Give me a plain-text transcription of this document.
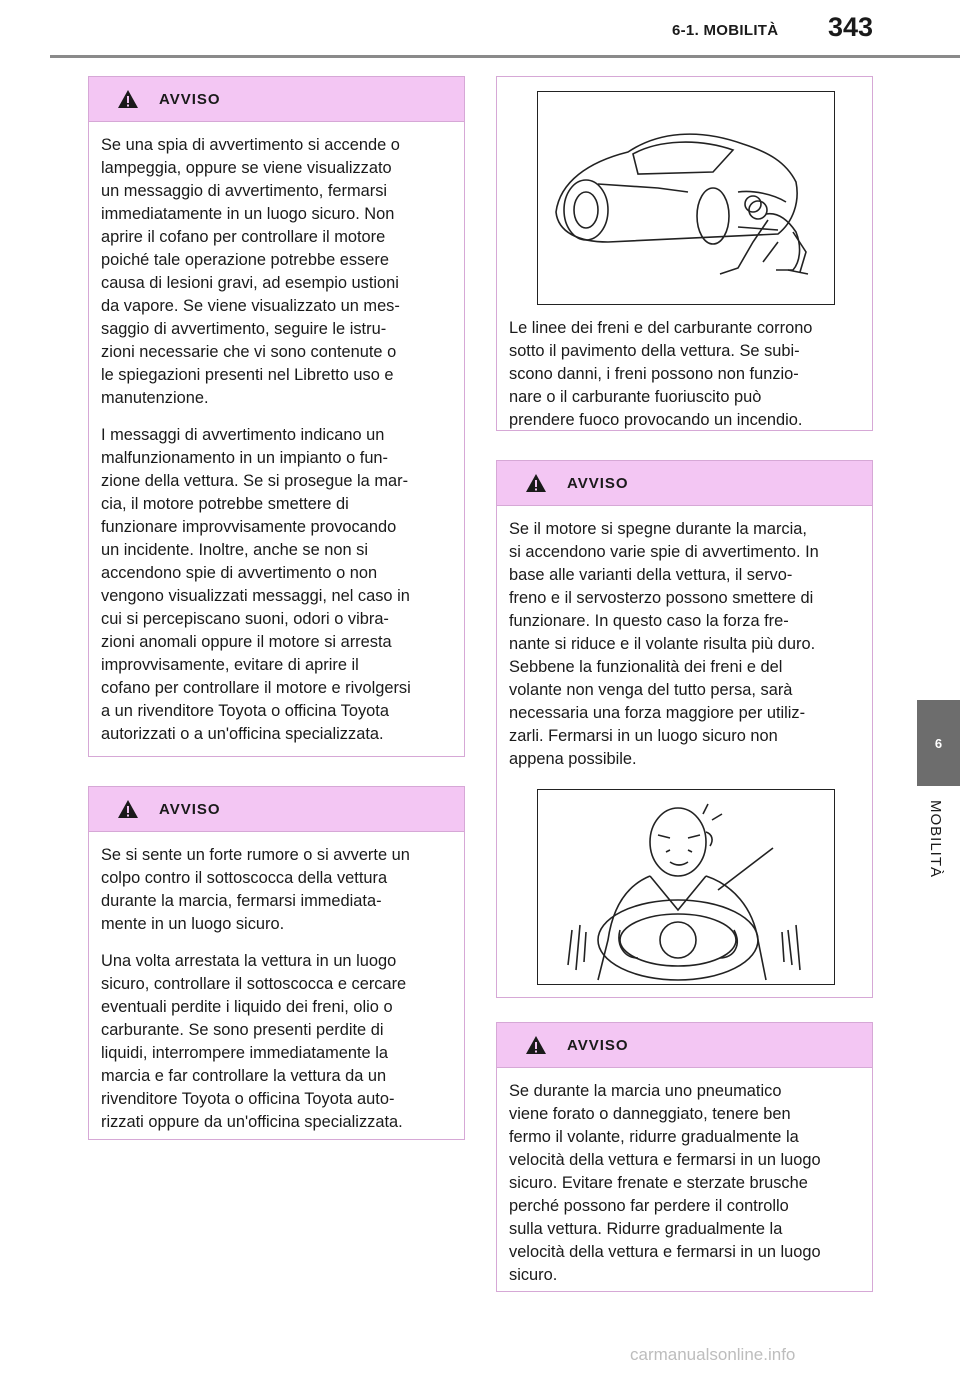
6-1. MOBILITÀ 343
6
MOBILITÀ
AVVISO

Se una spia di avvertimento si accende o
lampeggia, oppure se viene visualizzato
un messaggio di avvertimento, fermarsi
immediatamente in un luogo sicuro. Non
aprire il cofano per controllare il motore
poiché tale operazione potrebbe essere
causa di lesioni gravi, ad esempio ustioni
da vapore. Se viene visualizzato un mes-
saggio di avvertimento, seguire le istru-
zioni necessarie che vi sono contenute o
le spiegazioni presenti nel Libretto uso e
manutenzione.

I messaggi di avvertimento indicano un
malfunzionamento in un impianto o fun-
zione della vettura. Se si prosegue la mar-
cia, il motore potrebbe smettere di
funzionare improvvisamente provocando
un incidente. Inoltre, anche se non si
accendono spie di avvertimento o non
vengono visualizzati messaggi, nel caso in
cui si percepiscano suoni, odori o vibra-
zioni anomali oppure il motore si arresta
improvvisamente, evitare di aprire il
cofano per controllare il motore e rivolgersi
a un rivenditore Toyota o officina Toyota
autorizzati o a un'officina specializzata.

AVVISO

Se si sente un forte rumore o si avverte un
colpo contro il sottoscocca della vettura
durante la marcia, fermarsi immediata-
mente in un luogo sicuro.

Una volta arrestata la vettura in un luogo
sicuro, controllare il sottoscocca e cercare
eventuali perdite i liquido dei freni, olio o
carburante. Se sono presenti perdite di
liquidi, interrompere immediatamente la
marcia e far controllare la vettura da un
rivenditore Toyota o officina Toyota auto-
rizzati oppure da un'officina specializzata.

Le linee dei freni e del carburante corrono
sotto il pavimento della vettura. Se subi-
scono danni, i freni possono non funzio-
nare o il carburante fuoriuscito può
prendere fuoco provocando un incendio.

AVVISO

Se il motore si spegne durante la marcia,
si accendono varie spie di avvertimento. In
base alle varianti della vettura, il servo-
freno e il servosterzo possono smettere di
funzionare. In questo caso la forza fre-
nante si riduce e il volante risulta più duro.
Sebbene la funzionalità dei freni e del
volante non venga del tutto persa, sarà
necessaria una forza maggiore per utiliz-
zarli. Fermarsi in un luogo sicuro non
appena possibile.

AVVISO

Se durante la marcia uno pneumatico
viene forato o danneggiato, tenere ben
fermo il volante, ridurre gradualmente la
velocità della vettura e fermarsi in un luogo
sicuro. Evitare frenate e sterzate brusche
perché possono far perdere il controllo
sulla vettura. Ridurre gradualmente la
velocità della vettura e fermarsi in un luogo
sicuro.

carmanualsonline.info
